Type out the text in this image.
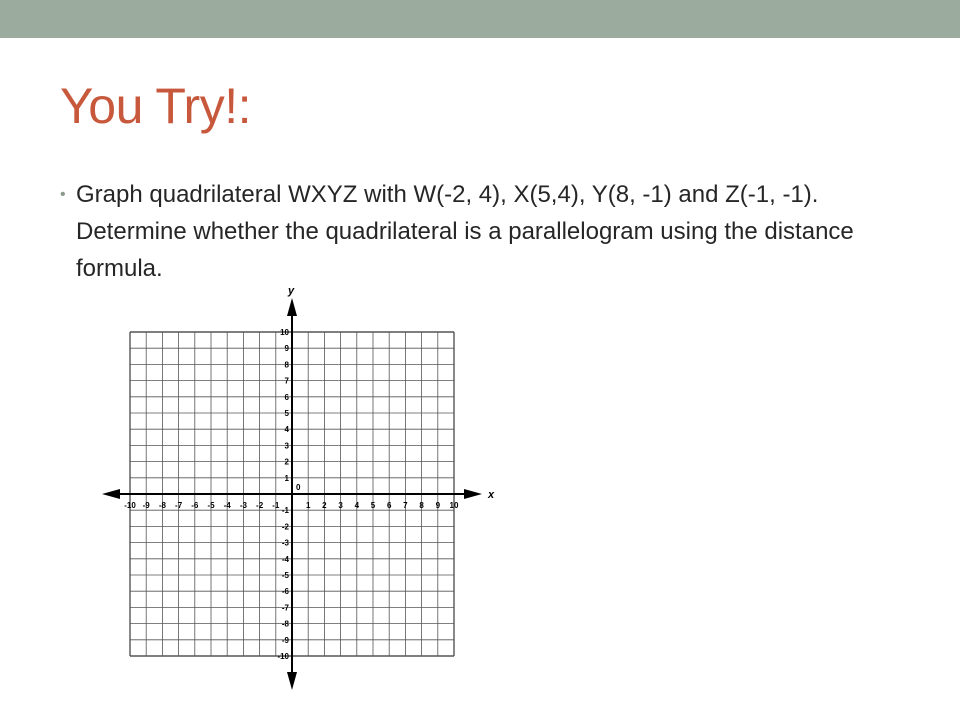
You Try!:
• Graph quadrilateral WXYZ with W(-2, 4), X(5,4), Y(8, -1) and Z(-1, -1). Determine whether the quadrilateral is a parallelogram using the distance formula.
x
y
0
-10 -9 -8 -7 -6 -5 -4 -3 -2 -1	1 2 3 4 5 6 7 8 9 10
10
9
8
7
6
5
4
3
2
1
-1
-2
-3
-4
-5
-6
-7
-8
-9
-10
